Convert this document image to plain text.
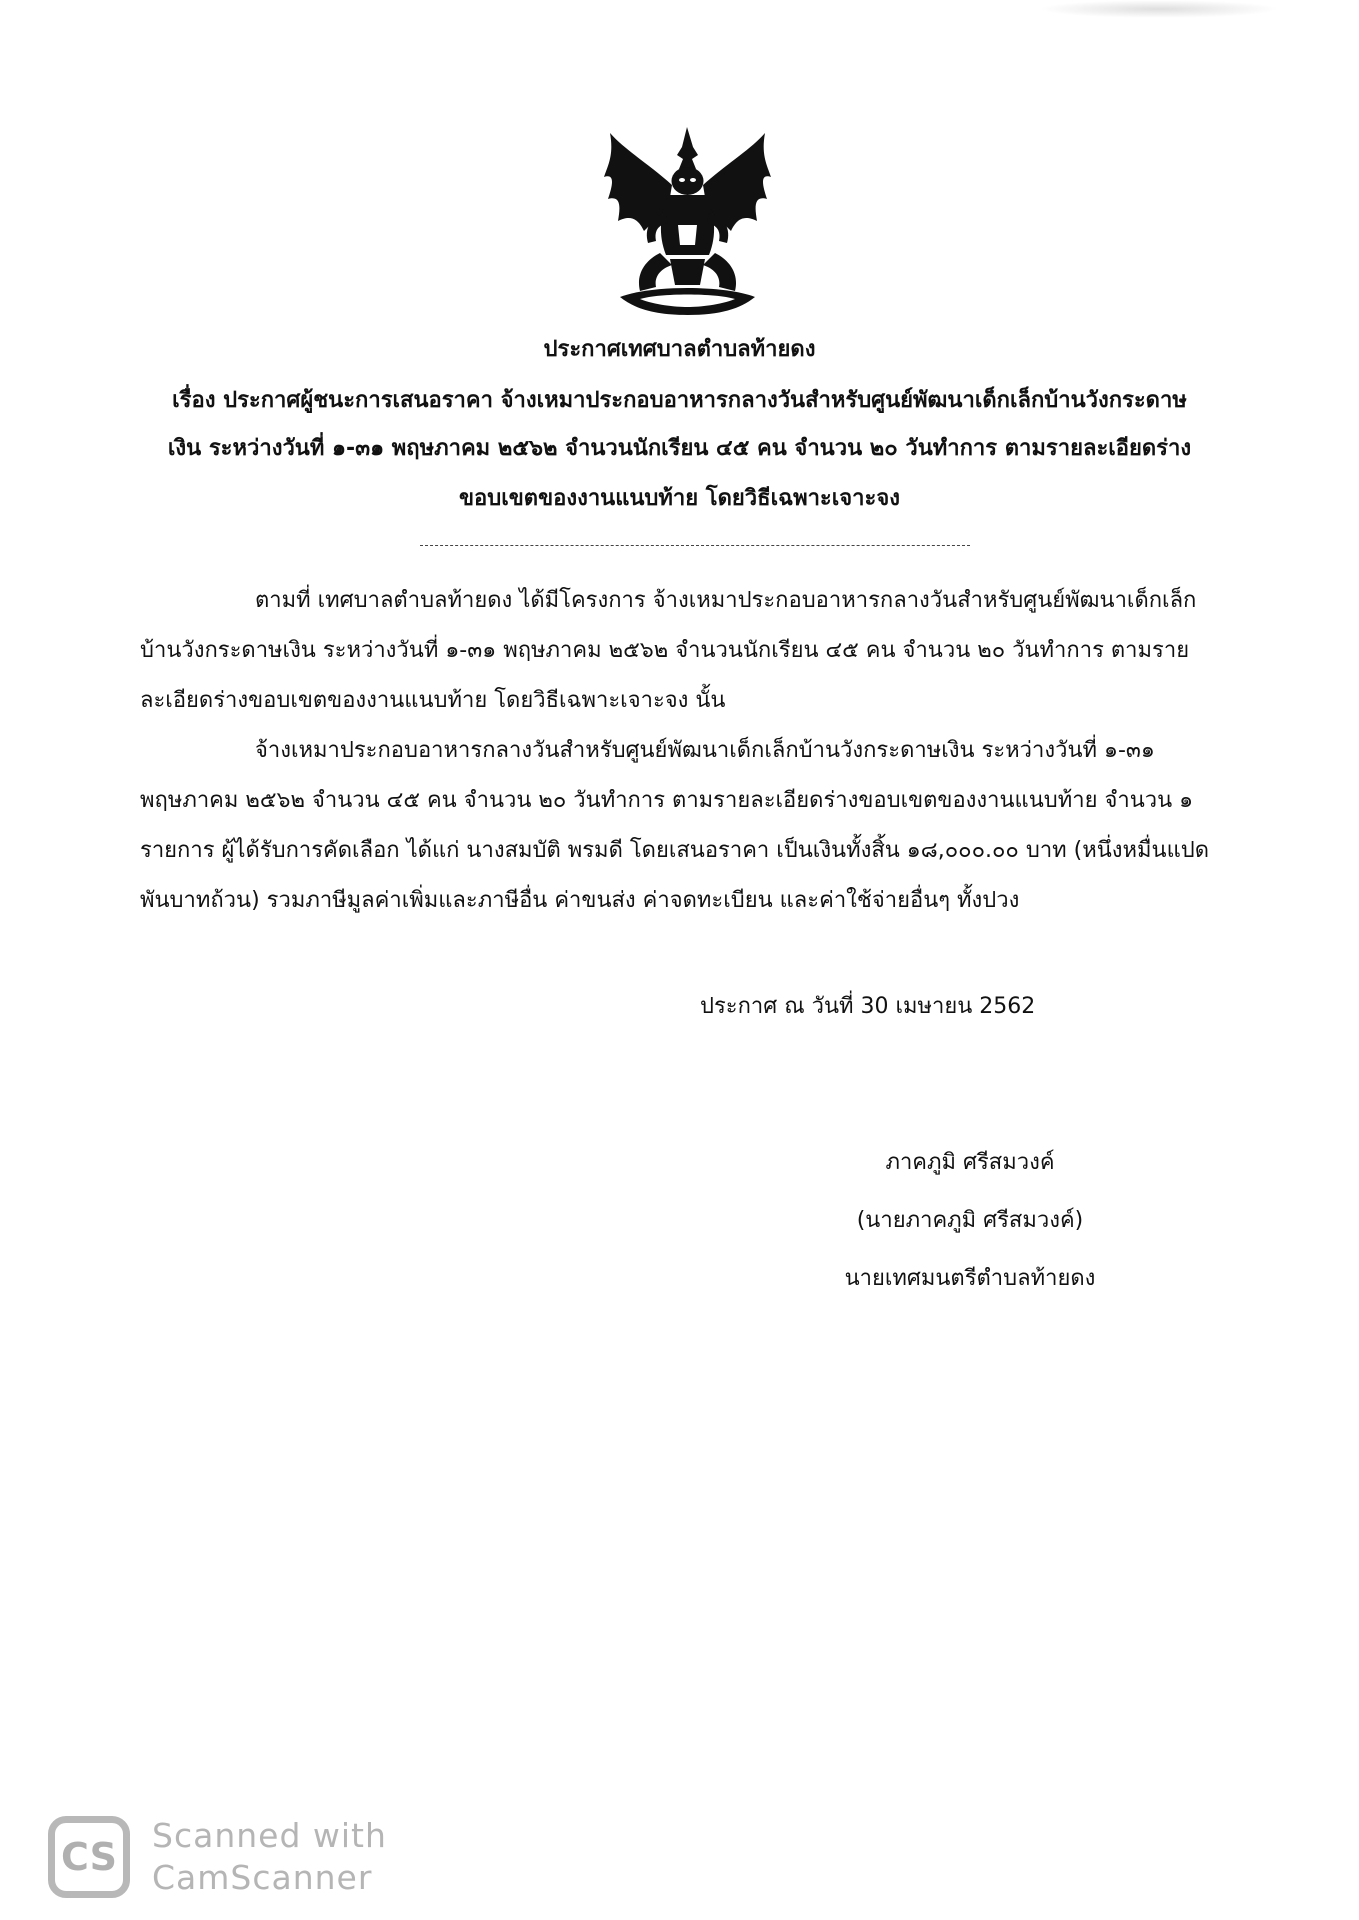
ประกาศเทศบาลตำบลท้ายดง
เรื่อง ประกาศผู้ชนะการเสนอราคา จ้างเหมาประกอบอาหารกลางวันสำหรับศูนย์พัฒนาเด็กเล็กบ้านวังกระดาษ
เงิน ระหว่างวันที่ ๑-๓๑ พฤษภาคม ๒๕๖๒ จำนวนนักเรียน ๔๕ คน จำนวน ๒๐ วันทำการ ตามรายละเอียดร่าง
ขอบเขตของงานแนบท้าย โดยวิธีเฉพาะเจาะจง
ตามที่ เทศบาลตำบลท้ายดง ได้มีโครงการ จ้างเหมาประกอบอาหารกลางวันสำหรับศูนย์พัฒนาเด็กเล็ก
บ้านวังกระดาษเงิน ระหว่างวันที่ ๑-๓๑ พฤษภาคม ๒๕๖๒ จำนวนนักเรียน ๔๕ คน จำนวน ๒๐ วันทำการ ตามราย
ละเอียดร่างขอบเขตของงานแนบท้าย โดยวิธีเฉพาะเจาะจง นั้น
จ้างเหมาประกอบอาหารกลางวันสำหรับศูนย์พัฒนาเด็กเล็กบ้านวังกระดาษเงิน ระหว่างวันที่ ๑-๓๑
พฤษภาคม ๒๕๖๒ จำนวน ๔๕ คน จำนวน ๒๐ วันทำการ ตามรายละเอียดร่างขอบเขตของงานแนบท้าย จำนวน ๑
รายการ ผู้ได้รับการคัดเลือก ได้แก่ นางสมบัติ พรมดี โดยเสนอราคา เป็นเงินทั้งสิ้น ๑๘,๐๐๐.๐๐ บาท (หนึ่งหมื่นแปด
พันบาทถ้วน) รวมภาษีมูลค่าเพิ่มและภาษีอื่น ค่าขนส่ง ค่าจดทะเบียน และค่าใช้จ่ายอื่นๆ ทั้งปวง
ประกาศ ณ วันที่ 30 เมษายน 2562
ภาคภูมิ ศรีสมวงค์
(นายภาคภูมิ ศรีสมวงค์)
นายเทศมนตรีตำบลท้ายดง
CS	Scanned with
CamScanner
